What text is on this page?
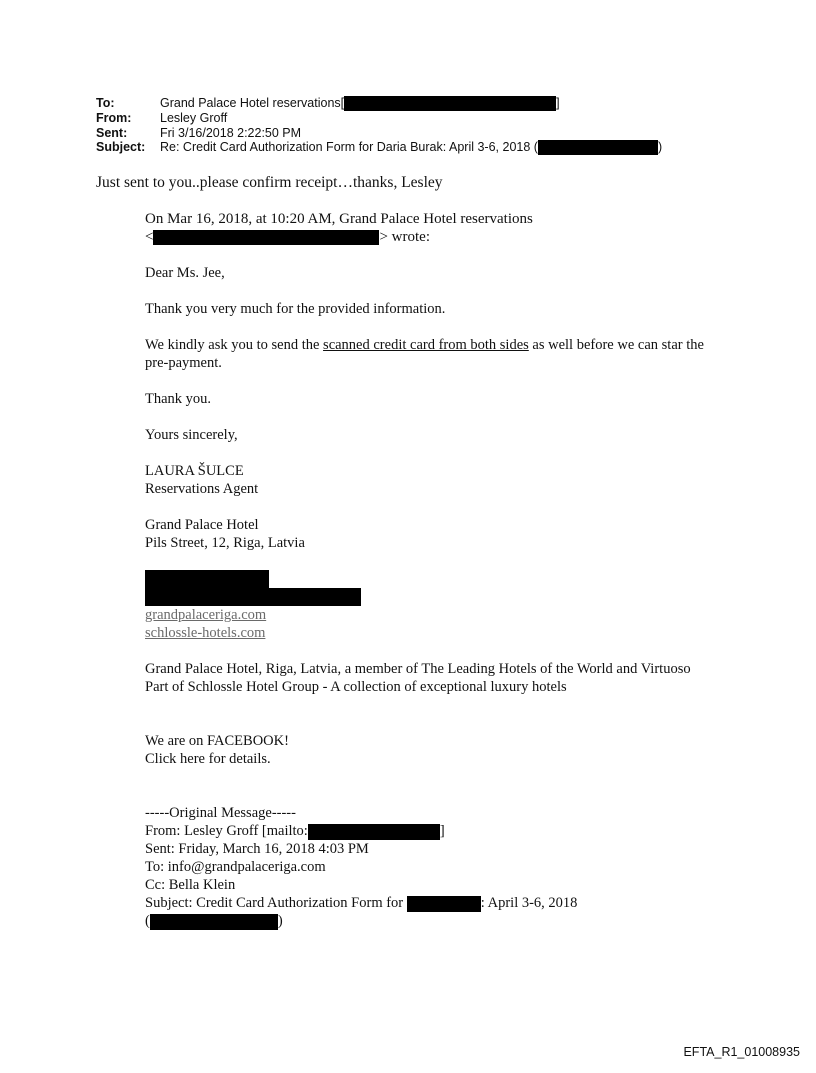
To:	Grand Palace Hotel reservations[	]
From:	Lesley Groff
Sent:	Fri 3/16/2018 2:22:50 PM
Subject:	Re: Credit Card Authorization Form for Daria Burak: April 3-6, 2018 (	)
Just sent to you..please confirm receipt…thanks, Lesley

On Mar 16, 2018, at 10:20 AM, Grand Palace Hotel reservations

<	> wrote:

Dear Ms. Jee,

Thank you very much for the provided information.

We kindly ask you to send the scanned credit card from both sides as well before we can star the pre-payment.

Thank you.

Yours sincerely,

LAURA ŠULCE

Reservations Agent

Grand Palace Hotel

Pils Street, 12, Riga, Latvia

grandpalaceriga.com

schlossle-hotels.com

Grand Palace Hotel, Riga, Latvia, a member of The Leading Hotels of the World and Virtuoso

Part of Schlossle Hotel Group - A collection of exceptional luxury hotels

We are on FACEBOOK!

Click here for details.

-----Original Message-----

From: Lesley Groff [mailto:	]

Sent: Friday, March 16, 2018 4:03 PM

To: info@grandpalaceriga.com

Cc: Bella Klein

Subject: Credit Card Authorization Form for	: April 3-6, 2018

(	)

EFTA_R1_01008935
